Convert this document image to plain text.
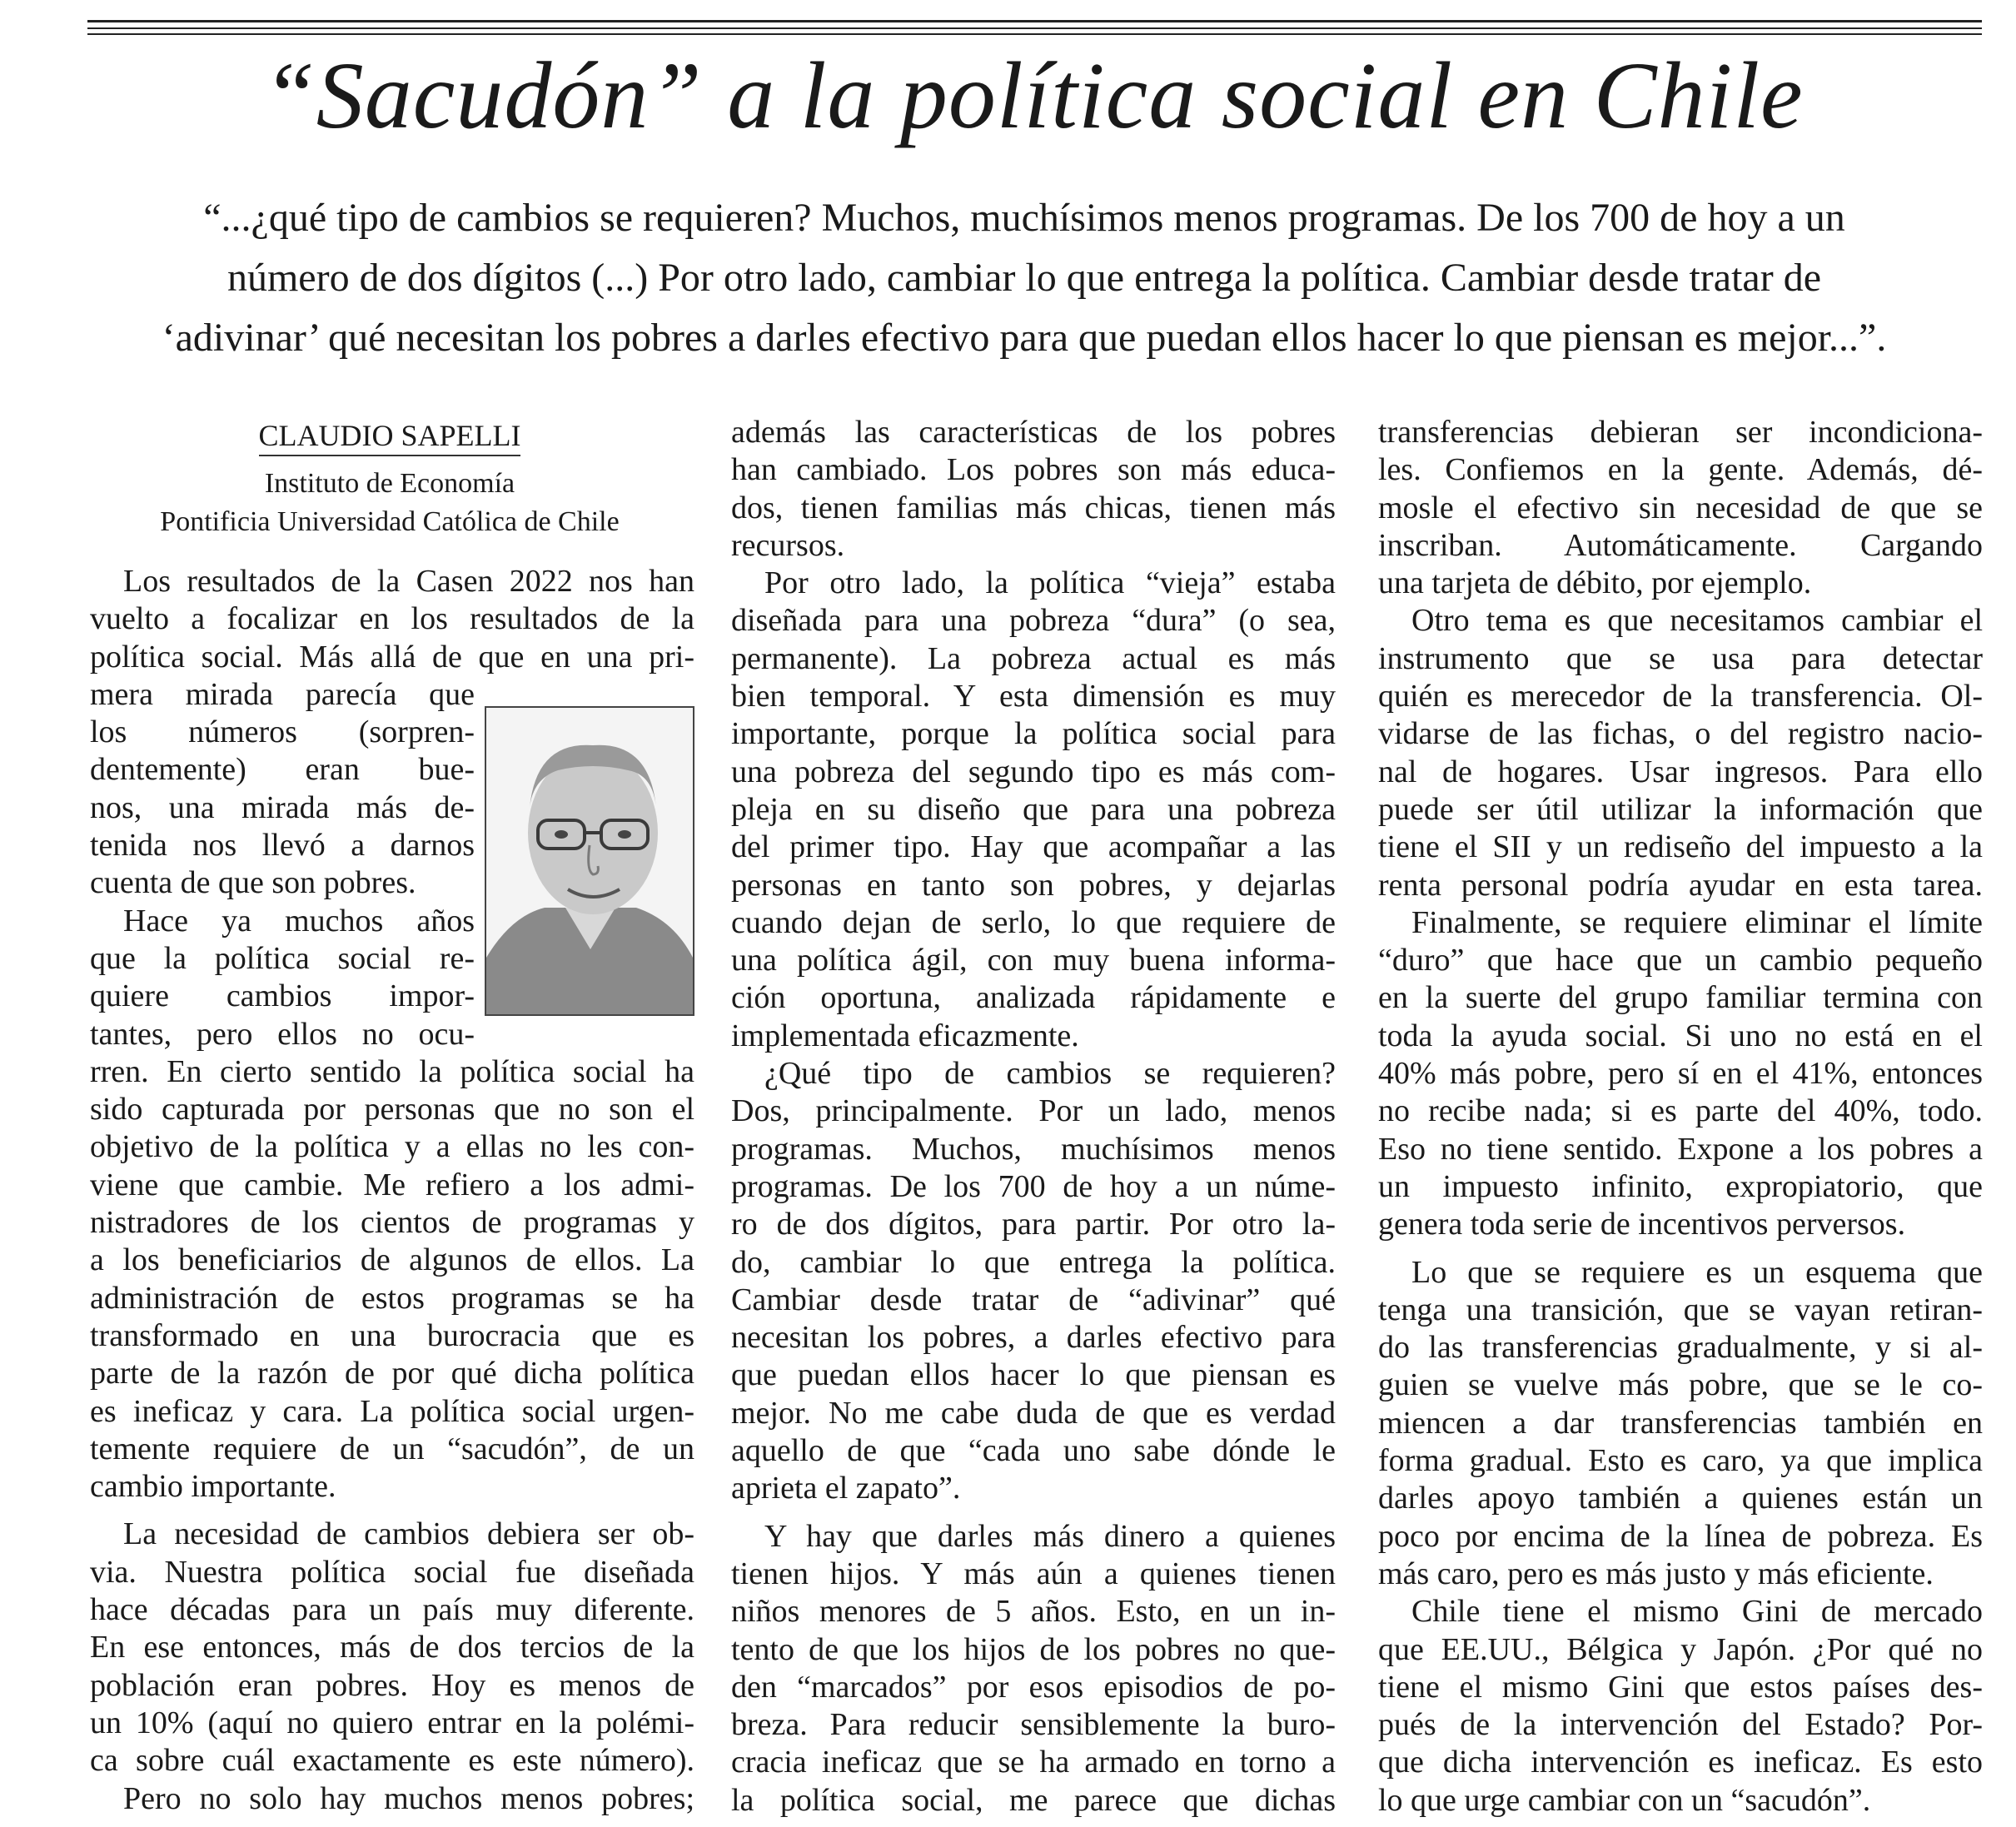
“Sacudón” a la política social en Chile
“...¿qué tipo de cambios se requieren? Muchos, muchísimos menos programas. De los 700 de hoy a un
número de dos dígitos (...) Por otro lado, cambiar lo que entrega la política. Cambiar desde tratar de
‘adivinar’ qué necesitan los pobres a darles efectivo para que puedan ellos hacer lo que piensan es mejor...”.
CLAUDIO SAPELLI
Instituto de Economía
Pontificia Universidad Católica de Chile
Los resultados de la Casen 2022 nos han
vuelto a focalizar en los resultados de la
política social. Más allá de que en una pri-
mera mirada parecía que
los números (sorpren-
dentemente) eran bue-
nos, una mirada más de-
tenida nos llevó a darnos
cuenta de que son pobres.
Hace ya muchos años
que la política social re-
quiere cambios impor-
tantes, pero ellos no ocu-
rren. En cierto sentido la política social ha
sido capturada por personas que no son el
objetivo de la política y a ellas no les con-
viene que cambie. Me refiero a los admi-
nistradores de los cientos de programas y
a los beneficiarios de algunos de ellos. La
administración de estos programas se ha
transformado en una burocracia que es
parte de la razón de por qué dicha política
es ineficaz y cara. La política social urgen-
temente requiere de un “sacudón”, de un
cambio importante.
La necesidad de cambios debiera ser ob-
via. Nuestra política social fue diseñada
hace décadas para un país muy diferente.
En ese entonces, más de dos tercios de la
población eran pobres. Hoy es menos de
un 10% (aquí no quiero entrar en la polémi-
ca sobre cuál exactamente es este número).
Pero no solo hay muchos menos pobres;
además las características de los pobres
han cambiado. Los pobres son más educa-
dos, tienen familias más chicas, tienen más
recursos.
Por otro lado, la política “vieja” estaba
diseñada para una pobreza “dura” (o sea,
permanente). La pobreza actual es más
bien temporal. Y esta dimensión es muy
importante, porque la política social para
una pobreza del segundo tipo es más com-
pleja en su diseño que para una pobreza
del primer tipo. Hay que acompañar a las
personas en tanto son pobres, y dejarlas
cuando dejan de serlo, lo que requiere de
una política ágil, con muy buena informa-
ción oportuna, analizada rápidamente e
implementada eficazmente.
¿Qué tipo de cambios se requieren?
Dos, principalmente. Por un lado, menos
programas. Muchos, muchísimos menos
programas. De los 700 de hoy a un núme-
ro de dos dígitos, para partir. Por otro la-
do, cambiar lo que entrega la política.
Cambiar desde tratar de “adivinar” qué
necesitan los pobres, a darles efectivo para
que puedan ellos hacer lo que piensan es
mejor. No me cabe duda de que es verdad
aquello de que “cada uno sabe dónde le
aprieta el zapato”.
Y hay que darles más dinero a quienes
tienen hijos. Y más aún a quienes tienen
niños menores de 5 años. Esto, en un in-
tento de que los hijos de los pobres no que-
den “marcados” por esos episodios de po-
breza. Para reducir sensiblemente la buro-
cracia ineficaz que se ha armado en torno a
la política social, me parece que dichas
transferencias debieran ser incondiciona-
les. Confiemos en la gente. Además, dé-
mosle el efectivo sin necesidad de que se
inscriban. Automáticamente. Cargando
una tarjeta de débito, por ejemplo.
Otro tema es que necesitamos cambiar el
instrumento que se usa para detectar
quién es merecedor de la transferencia. Ol-
vidarse de las fichas, o del registro nacio-
nal de hogares. Usar ingresos. Para ello
puede ser útil utilizar la información que
tiene el SII y un rediseño del impuesto a la
renta personal podría ayudar en esta tarea.
Finalmente, se requiere eliminar el límite
“duro” que hace que un cambio pequeño
en la suerte del grupo familiar termina con
toda la ayuda social. Si uno no está en el
40% más pobre, pero sí en el 41%, entonces
no recibe nada; si es parte del 40%, todo.
Eso no tiene sentido. Expone a los pobres a
un impuesto infinito, expropiatorio, que
genera toda serie de incentivos perversos.
Lo que se requiere es un esquema que
tenga una transición, que se vayan retiran-
do las transferencias gradualmente, y si al-
guien se vuelve más pobre, que se le co-
miencen a dar transferencias también en
forma gradual. Esto es caro, ya que implica
darles apoyo también a quienes están un
poco por encima de la línea de pobreza. Es
más caro, pero es más justo y más eficiente.
Chile tiene el mismo Gini de mercado
que EE.UU., Bélgica y Japón. ¿Por qué no
tiene el mismo Gini que estos países des-
pués de la intervención del Estado? Por-
que dicha intervención es ineficaz. Es esto
lo que urge cambiar con un “sacudón”.
